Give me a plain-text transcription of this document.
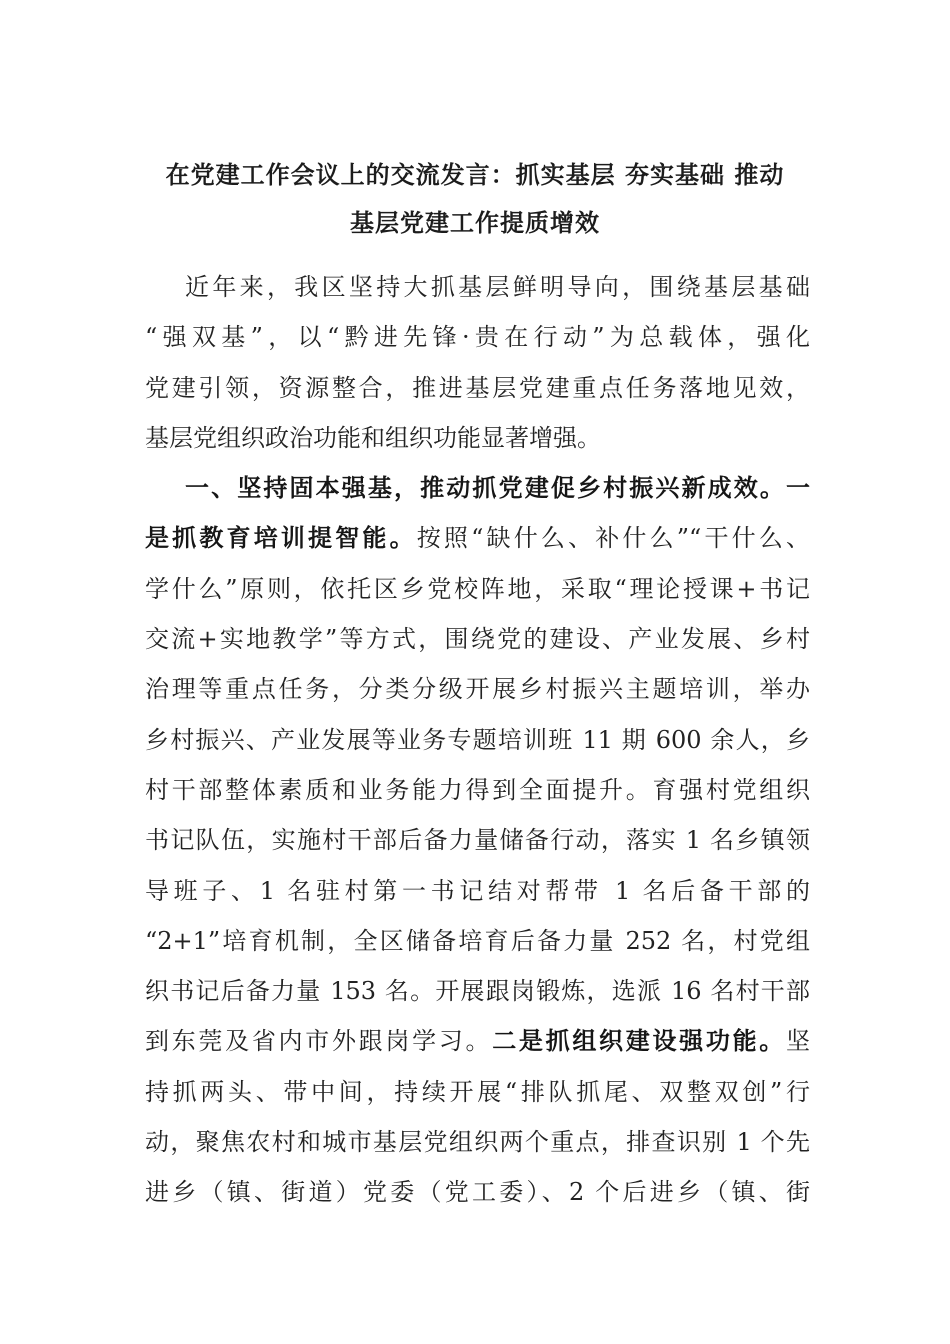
在党建工作会议上的交流发言：抓实基层 夯实基础 推动
基层党建工作提质增效
近年来，我区坚持大抓基层鲜明导向，围绕基层基础
“强双基”，以“黔进先锋·贵在行动”为总载体，强化
党建引领，资源整合，推进基层党建重点任务落地见效，
基层党组织政治功能和组织功能显著增强。
一、坚持固本强基，推动抓党建促乡村振兴新成效。一
是抓教育培训提智能。按照“缺什么、补什么”“干什么、
学什么”原则，依托区乡党校阵地，采取“理论授课+书记
交流+实地教学”等方式，围绕党的建设、产业发展、乡村
治理等重点任务，分类分级开展乡村振兴主题培训，举办
乡村振兴、产业发展等业务专题培训班 11 期 600 余人，乡
村干部整体素质和业务能力得到全面提升。育强村党组织
书记队伍，实施村干部后备力量储备行动，落实 1 名乡镇领
导班子、1 名驻村第一书记结对帮带 1 名后备干部的
“2+1”培育机制，全区储备培育后备力量 252 名，村党组
织书记后备力量 153 名。开展跟岗锻炼，选派 16 名村干部
到东莞及省内市外跟岗学习。二是抓组织建设强功能。坚
持抓两头、带中间，持续开展“排队抓尾、双整双创”行
动，聚焦农村和城市基层党组织两个重点，排查识别 1 个先
进乡（镇、街道）党委（党工委）、2 个后进乡（镇、街
